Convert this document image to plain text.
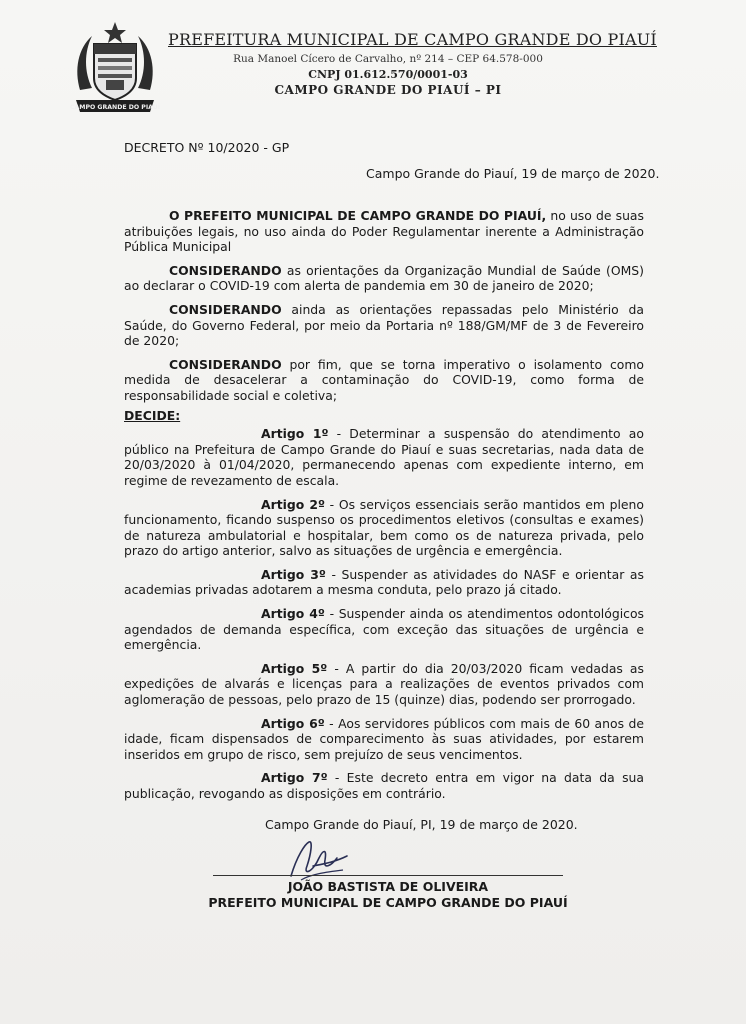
CAMPO GRANDE DO PIAUÍ
PREFEITURA MUNICIPAL DE CAMPO GRANDE DO PIAUÍ
Rua Manoel Cícero de Carvalho, nº 214 – CEP 64.578-000
CNPJ 01.612.570/0001-03
CAMPO GRANDE DO PIAUÍ – PI
DECRETO Nº 10/2020 - GP
Campo Grande do Piauí, 19 de março de 2020.

O PREFEITO MUNICIPAL DE CAMPO GRANDE DO PIAUÍ, no uso de suas atribuições legais, no uso ainda do Poder Regulamentar inerente a Administração Pública Municipal

CONSIDERANDO as orientações da Organização Mundial de Saúde (OMS) ao declarar o COVID-19 com alerta de pandemia em 30 de janeiro de 2020;

CONSIDERANDO ainda as orientações repassadas pelo Ministério da Saúde, do Governo Federal, por meio da Portaria nº 188/GM/MF de 3 de Fevereiro de 2020;

CONSIDERANDO por fim, que se torna imperativo o isolamento como medida de desacelerar a contaminação do COVID-19, como forma de responsabilidade social e coletiva;

DECIDE:

Artigo 1º - Determinar a suspensão do atendimento ao público na Prefeitura de Campo Grande do Piauí e suas secretarias, nada data de 20/03/2020 à 01/04/2020, permanecendo apenas com expediente interno, em regime de revezamento de escala.

Artigo 2º - Os serviços essenciais serão mantidos em pleno funcionamento, ficando suspenso os procedimentos eletivos (consultas e exames) de natureza ambulatorial e hospitalar, bem como os de natureza privada, pelo prazo do artigo anterior, salvo as situações de urgência e emergência.

Artigo 3º - Suspender as atividades do NASF e orientar as academias privadas adotarem a mesma conduta, pelo prazo já citado.

Artigo 4º - Suspender ainda os atendimentos odontológicos agendados de demanda específica, com exceção das situações de urgência e emergência.

Artigo 5º - A partir do dia 20/03/2020 ficam vedadas as expedições de alvarás e licenças para a realizações de eventos privados com aglomeração de pessoas, pelo prazo de 15 (quinze) dias, podendo ser prorrogado.

Artigo 6º - Aos servidores públicos com mais de 60 anos de idade, ficam dispensados de comparecimento às suas atividades, por estarem inseridos em grupo de risco, sem prejuízo de seus vencimentos.

Artigo 7º - Este decreto entra em vigor na data da sua publicação, revogando as disposições em contrário.

Campo Grande do Piauí, PI, 19 de março de 2020.
JOÃO BASTISTA DE OLIVEIRA
PREFEITO MUNICIPAL DE CAMPO GRANDE DO PIAUÍ
